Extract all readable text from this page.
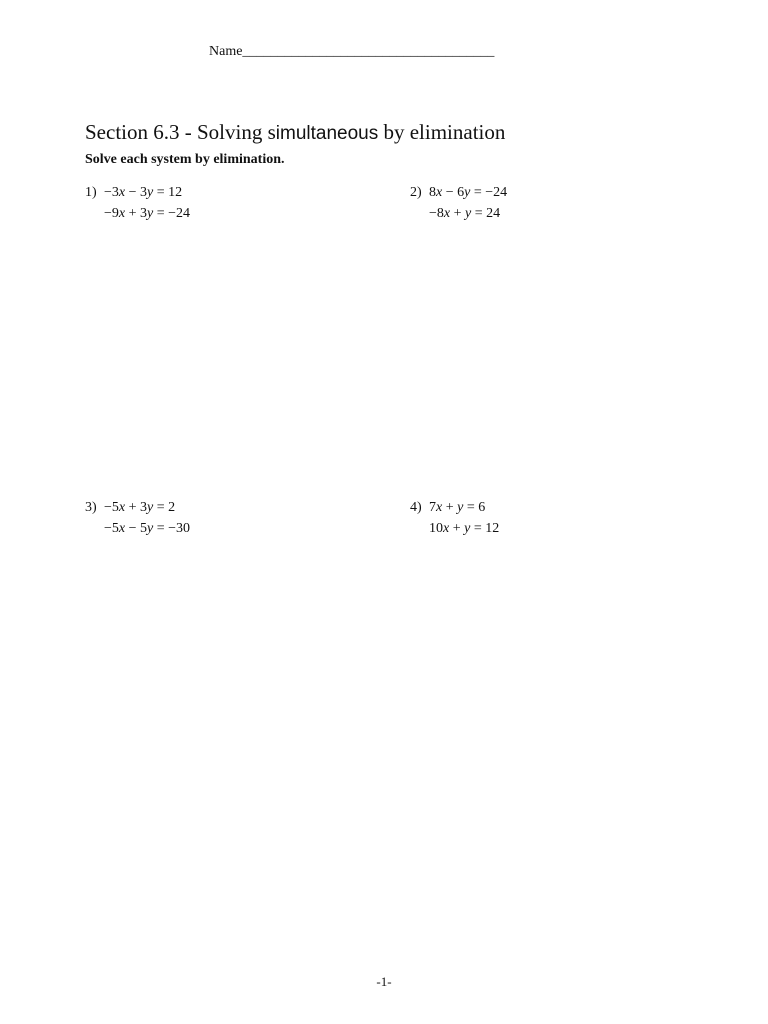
Name____________________________________
Section 6.3 - Solving simultaneous by elimination
Solve each system by elimination.
1) −3x − 3y = 12
−9x + 3y = −24
2) 8x − 6y = −24
−8x + y = 24
3) −5x + 3y = 2
−5x − 5y = −30
4) 7x + y = 6
10x + y = 12
-1-
